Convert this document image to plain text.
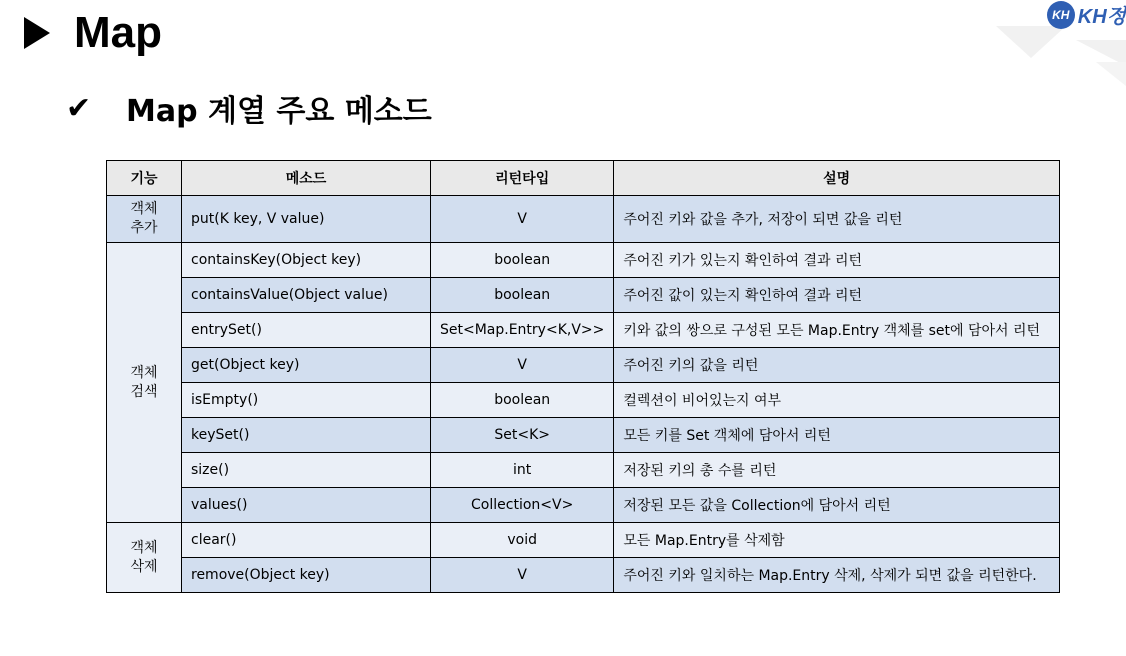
KH KH정
Map
✔	Map 계열 주요 메소드
기능	메소드	리턴타입	설명
객체
추가	put(K key, V value)	V	주어진 키와 값을 추가, 저장이 되면 값을 리턴
객체
검색	containsKey(Object key)	boolean	주어진 키가 있는지 확인하여 결과 리턴
	containsValue(Object value)	boolean	주어진 값이 있는지 확인하여 결과 리턴
	entrySet()	Set<Map.Entry<K,V>>	키와 값의 쌍으로 구성된 모든 Map.Entry 객체를 set에 담아서 리턴
	get(Object key)	V	주어진 키의 값을 리턴
	isEmpty()	boolean	컬렉션이 비어있는지 여부
	keySet()	Set<K>	모든 키를 Set 객체에 담아서 리턴
	size()	int	저장된 키의 총 수를 리턴
	values()	Collection<V>	저장된 모든 값을 Collection에 담아서 리턴
객체
삭제	clear()	void	모든 Map.Entry를 삭제함
	remove(Object key)	V	주어진 키와 일치하는 Map.Entry 삭제, 삭제가 되면 값을 리턴한다.
